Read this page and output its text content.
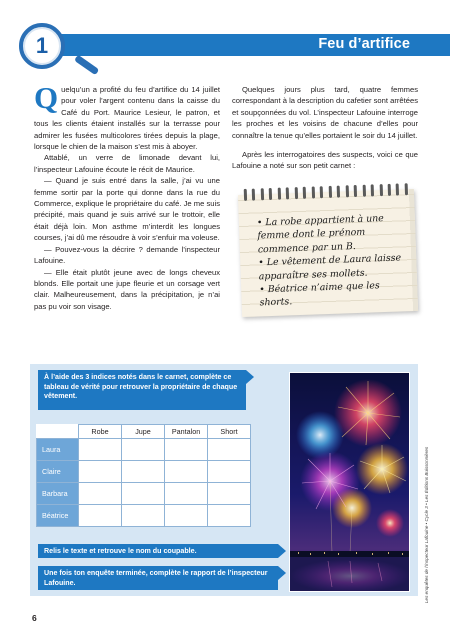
Feu d’artifice
1

Quelqu’un a profité du feu d’artifice du 14 juillet pour voler l’argent contenu dans la caisse du Café du Port. Maurice Lesieur, le patron, et tous les clients étaient installés sur la terrasse pour admirer les fusées multicolores tirées depuis la plage, lorsque le chien de la maison s’est mis à aboyer.

Attablé, un verre de limonade devant lui, l’inspecteur Lafouine écoute le récit de Maurice.

— Quand je suis entré dans la salle, j’ai vu une femme sortir par la porte qui donne dans la rue du Commerce, explique le propriétaire du café. Je me suis précipité, mais quand je suis arrivé sur le trottoir, elle était déjà loin. Mon asthme m’interdit les longues courses, j’ai dû me résoudre à voir s’enfuir ma voleuse.

— Pouvez-vous la décrire ? demande l’inspecteur Lafouine.

— Elle était plutôt jeune avec de longs cheveux blonds. Elle portait une jupe fleurie et un corsage vert clair. Malheureusement, dans la précipitation, je n’ai pas pu voir son visage.

Quelques jours plus tard, quatre femmes correspondant à la description du cafetier sont arrêtées et soupçonnées du vol. L’inspecteur Lafouine interroge les proches et les voisins de chacune d’elles pour connaître la tenue qu’elles portaient le soir du 14 juillet.

Après les interrogatoires des suspects, voici ce que Lafouine a noté sur son petit carnet :

• La robe appartient à une femme dont le prénom commence par un B.
• Le vêtement de Laura laisse apparaître ses mollets.
• Béatrice n’aime que les shorts.
À l’aide des 3 indices notés dans le carnet, complète ce tableau de vérité pour retrouver la propriétaire de chaque vêtement.
	Robe	Jupe	Pantalon	Short
Laura				
Claire				
Barbara				
Béatrice				
Relis le texte et retrouve le nom du coupable.
Une fois ton enquête terminée, complète le rapport de l’inspecteur Lafouine.
6
Les enquêtes de l’inspecteur Lafouine • Cycle 3 • Les Éditions Buissonnières
